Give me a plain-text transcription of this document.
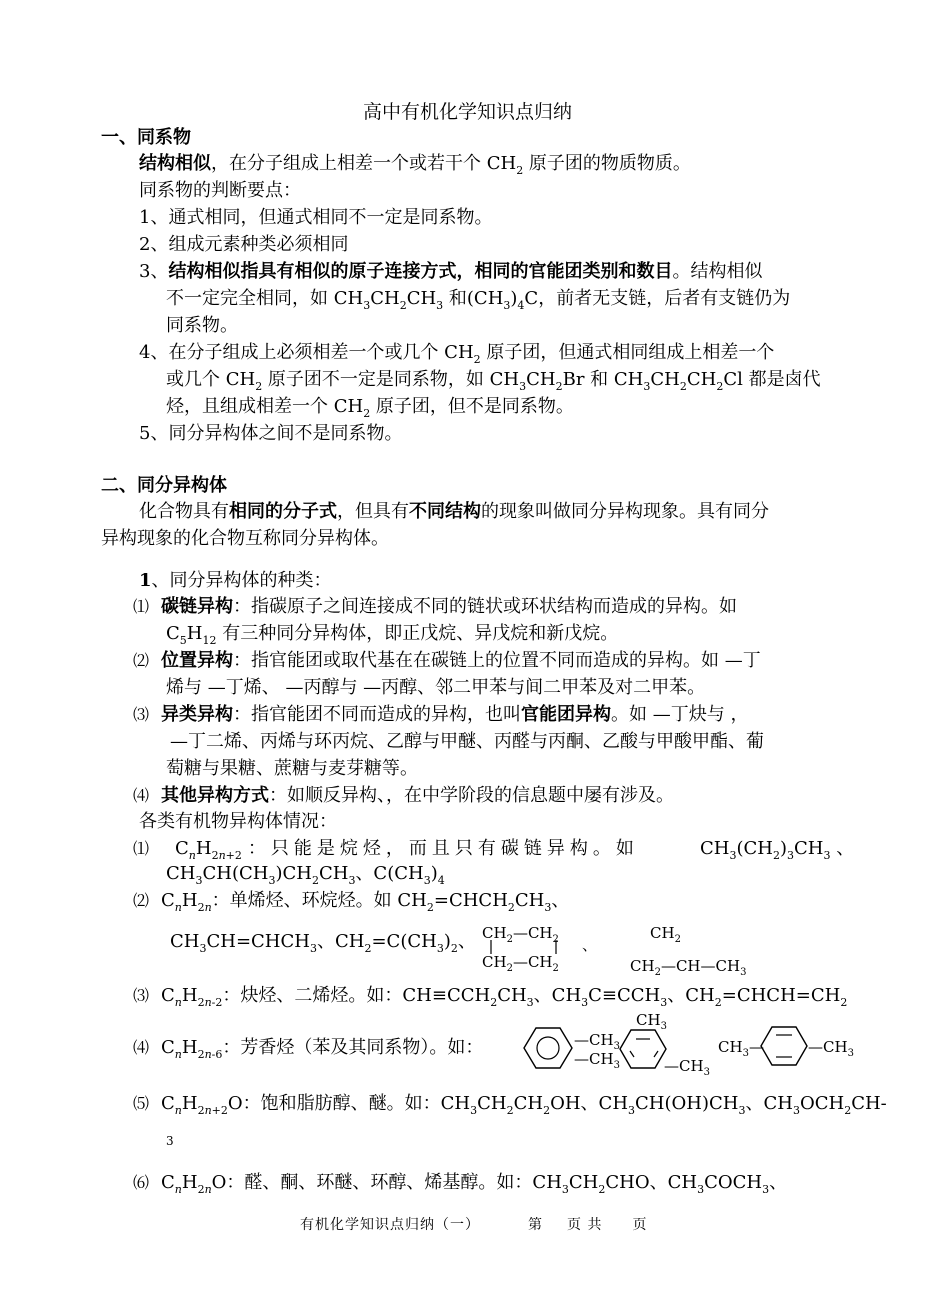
高中有机化学知识点归纳
一、同系物
结构相似，在分子组成上相差一个或若干个 $CH_2$ 原子团的物质物质。
同系物的判断要点：
1、通式相同，但通式相同不一定是同系物。
2、组成元素种类必须相同
3、结构相似指具有相似的原子连接方式，相同的官能团类别和数目。结构相似
不一定完全相同，如 $CH_3CH_2CH_3$ 和$(CH_3)_4C$，前者无支链，后者有支链仍为
同系物。
4、在分子组成上必须相差一个或几个 $CH_2$ 原子团，但通式相同组成上相差一个
或几个 $CH_2$ 原子团不一定是同系物，如 $CH_3CH_2Br$ 和 $CH_3CH_2CH_2Cl$ 都是卤代
烃，且组成相差一个 $CH_2$ 原子团，但不是同系物。
5、同分异构体之间不是同系物。
二、同分异构体
化合物具有相同的分子式，但具有不同结构的现象叫做同分异构现象。具有同分
异构现象的化合物互称同分异构体。
1、同分异构体的种类：
⑴ 碳链异构：指碳原子之间连接成不同的链状或环状结构而造成的异构。如
$C_5H_{12}$ 有三种同分异构体，即正戊烷、异戊烷和新戊烷。
⑵ 位置异构：指官能团或取代基在在碳链上的位置不同而造成的异构。如 —丁
烯与 —丁烯、 —丙醇与 —丙醇、邻二甲苯与间二甲苯及对二甲苯。
⑶ 异类异构：指官能团不同而造成的异构，也叫官能团异构。如 —丁炔与 ，
—丁二烯、丙烯与环丙烷、乙醇与甲醚、丙醛与丙酮、乙酸与甲酸甲酯、葡
萄糖与果糖、蔗糖与麦芽糖等。
⑷ 其他异构方式：如顺反异构、，在中学阶段的信息题中屡有涉及。
各类有机物异构体情况：
⑴ $C_nH_{2n+2}$ ：只能是烷烃，而且只有碳链异构。如	$CH_3(CH_2)_3CH_3$ 、
$CH_3CH(CH_3)CH_2CH_3$、$C(CH_3)_4$
⑵ $C_nH_{2n}$：单烯烃、环烷烃。如 $CH_2=CHCH_2CH_3$、
$CH_3CH=CHCH_3$、$CH_2=C(CH_3)_2$、 $CH_2—CH_2$
$CH_2—CH_2$
、
$CH_2$
$CH_2—CH—CH_3$
⑶ $C_nH_{2n-2}$：炔烃、二烯烃。如：$CH\equiv CCH_2CH_3$、$CH_3C\equiv CCH_3$、$CH_2=CHCH=CH_2$
⑷ $C_nH_{2n-6}$：芳香烃（苯及其同系物）。如：	$—CH_3$
$—CH_3$
$CH_3$
$—CH_3$
$CH_3—$	$—CH_3$
⑸ $C_nH_{2n+2}O$：饱和脂肪醇、醚。如：$CH_3CH_2CH_2OH$、$CH_3CH(OH)CH_3$、$CH_3OCH_2CH-$
3
⑹ $C_nH_{2n}O$：醛、酮、环醚、环醇、烯基醇。如：$CH_3CH_2CHO$、$CH_3COCH_3$、
有机化学知识点归纳（一）	第 页 共 页
